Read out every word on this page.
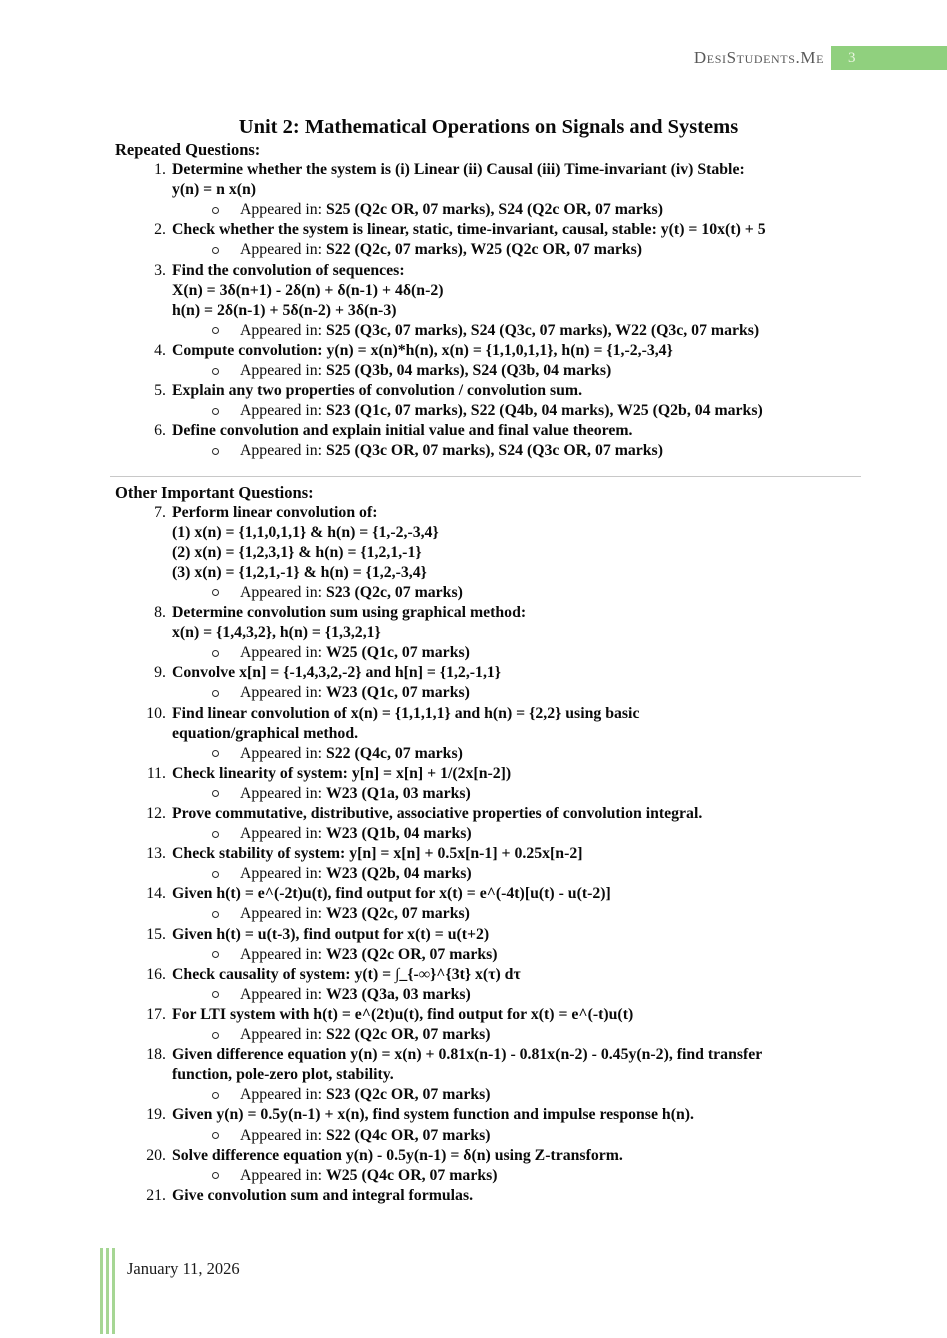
DesiStudents.Me	3
Unit 2: Mathematical Operations on Signals and Systems
Repeated Questions:
1. Determine whether the system is (i) Linear (ii) Causal (iii) Time-invariant (iv) Stable:
y(n) = n x(n)
Appeared in: S25 (Q2c OR, 07 marks), S24 (Q2c OR, 07 marks)
2. Check whether the system is linear, static, time-invariant, causal, stable: y(t) = 10x(t) + 5
Appeared in: S22 (Q2c, 07 marks), W25 (Q2c OR, 07 marks)
3. Find the convolution of sequences:
X(n) = 3δ(n+1) - 2δ(n) + δ(n-1) + 4δ(n-2)
h(n) = 2δ(n-1) + 5δ(n-2) + 3δ(n-3)
Appeared in: S25 (Q3c, 07 marks), S24 (Q3c, 07 marks), W22 (Q3c, 07 marks)
4. Compute convolution: y(n) = x(n)*h(n), x(n) = {1,1,0,1,1}, h(n) = {1,-2,-3,4}
Appeared in: S25 (Q3b, 04 marks), S24 (Q3b, 04 marks)
5. Explain any two properties of convolution / convolution sum.
Appeared in: S23 (Q1c, 07 marks), S22 (Q4b, 04 marks), W25 (Q2b, 04 marks)
6. Define convolution and explain initial value and final value theorem.
Appeared in: S25 (Q3c OR, 07 marks), S24 (Q3c OR, 07 marks)
Other Important Questions:
7. Perform linear convolution of:
(1) x(n) = {1,1,0,1,1} & h(n) = {1,-2,-3,4}
(2) x(n) = {1,2,3,1} & h(n) = {1,2,1,-1}
(3) x(n) = {1,2,1,-1} & h(n) = {1,2,-3,4}
Appeared in: S23 (Q2c, 07 marks)
8. Determine convolution sum using graphical method:
x(n) = {1,4,3,2}, h(n) = {1,3,2,1}
Appeared in: W25 (Q1c, 07 marks)
9. Convolve x[n] = {-1,4,3,2,-2} and h[n] = {1,2,-1,1}
Appeared in: W23 (Q1c, 07 marks)
10. Find linear convolution of x(n) = {1,1,1,1} and h(n) = {2,2} using basic
equation/graphical method.
Appeared in: S22 (Q4c, 07 marks)
11. Check linearity of system: y[n] = x[n] + 1/(2x[n-2])
Appeared in: W23 (Q1a, 03 marks)
12. Prove commutative, distributive, associative properties of convolution integral.
Appeared in: W23 (Q1b, 04 marks)
13. Check stability of system: y[n] = x[n] + 0.5x[n-1] + 0.25x[n-2]
Appeared in: W23 (Q2b, 04 marks)
14. Given h(t) = e^(-2t)u(t), find output for x(t) = e^(-4t)[u(t) - u(t-2)]
Appeared in: W23 (Q2c, 07 marks)
15. Given h(t) = u(t-3), find output for x(t) = u(t+2)
Appeared in: W23 (Q2c OR, 07 marks)
16. Check causality of system: y(t) = ∫_{-∞}^{3t} x(τ) dτ
Appeared in: W23 (Q3a, 03 marks)
17. For LTI system with h(t) = e^(2t)u(t), find output for x(t) = e^(-t)u(t)
Appeared in: S22 (Q2c OR, 07 marks)
18. Given difference equation y(n) = x(n) + 0.81x(n-1) - 0.81x(n-2) - 0.45y(n-2), find transfer
function, pole-zero plot, stability.
Appeared in: S23 (Q2c OR, 07 marks)
19. Given y(n) = 0.5y(n-1) + x(n), find system function and impulse response h(n).
Appeared in: S22 (Q4c OR, 07 marks)
20. Solve difference equation y(n) - 0.5y(n-1) = δ(n) using Z-transform.
Appeared in: W25 (Q4c OR, 07 marks)
21. Give convolution sum and integral formulas.
January 11, 2026
